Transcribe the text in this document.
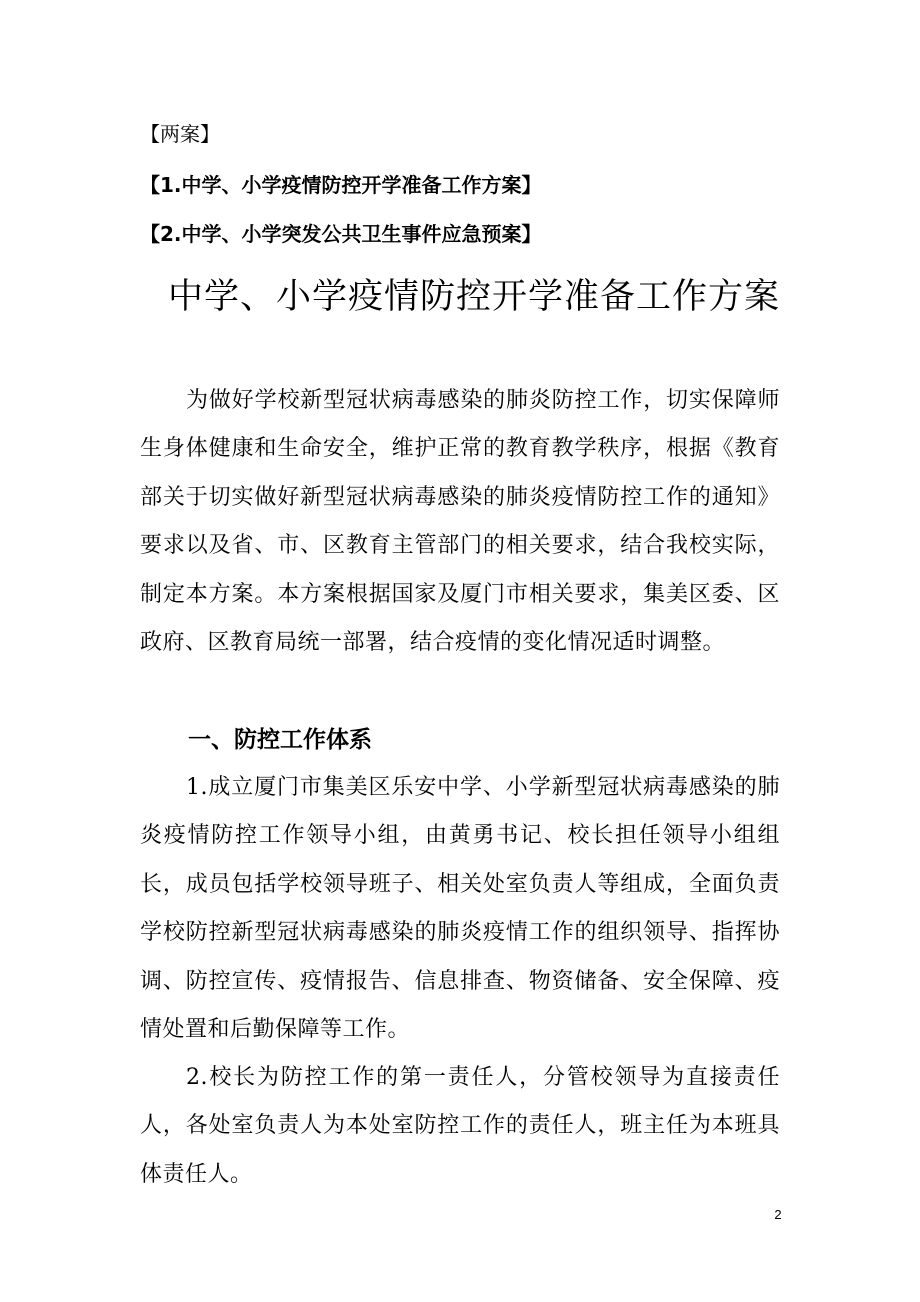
【两案】
【1.中学、小学疫情防控开学准备工作方案】
【2.中学、小学突发公共卫生事件应急预案】
中学、小学疫情防控开学准备工作方案

为做好学校新型冠状病毒感染的肺炎防控工作，切实保障师生身体健康和生命安全，维护正常的教育教学秩序，根据《教育部关于切实做好新型冠状病毒感染的肺炎疫情防控工作的通知》要求以及省、市、区教育主管部门的相关要求，结合我校实际，制定本方案。本方案根据国家及厦门市相关要求，集美区委、区政府、区教育局统一部署，结合疫情的变化情况适时调整。

一、防控工作体系

1.成立厦门市集美区乐安中学、小学新型冠状病毒感染的肺炎疫情防控工作领导小组，由黄勇书记、校长担任领导小组组长，成员包括学校领导班子、相关处室负责人等组成，全面负责学校防控新型冠状病毒感染的肺炎疫情工作的组织领导、指挥协调、防控宣传、疫情报告、信息排查、物资储备、安全保障、疫情处置和后勤保障等工作。

2.校长为防控工作的第一责任人，分管校领导为直接责任人，各处室负责人为本处室防控工作的责任人，班主任为本班具体责任人。

2
